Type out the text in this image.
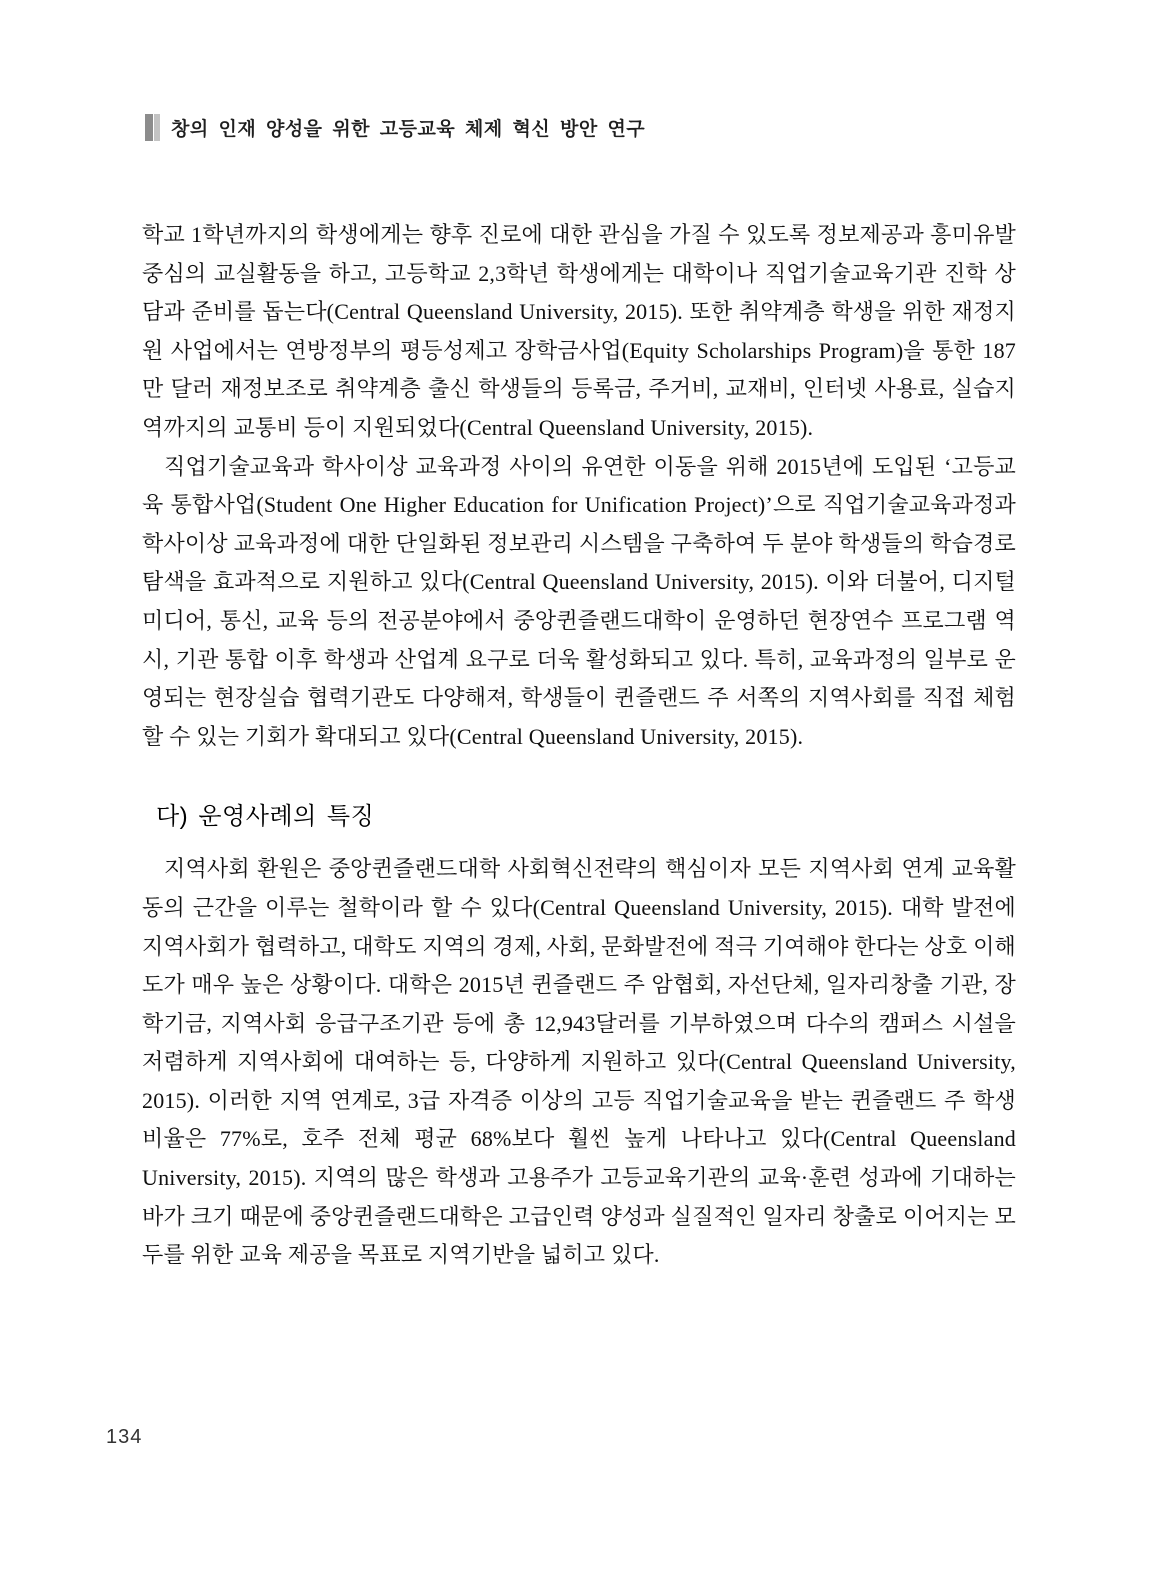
창의 인재 양성을 위한 고등교육 체제 혁신 방안 연구

학교 1학년까지의 학생에게는 향후 진로에 대한 관심을 가질 수 있도록 정보제공과 흥미유발 중심의 교실활동을 하고, 고등학교 2,3학년 학생에게는 대학이나 직업기술교육기관 진학 상담과 준비를 돕는다(Central Queensland University, 2015). 또한 취약계층 학생을 위한 재정지원 사업에서는 연방정부의 평등성제고 장학금사업(Equity Scholarships Program)을 통한 187만 달러 재정보조로 취약계층 출신 학생들의 등록금, 주거비, 교재비, 인터넷 사용료, 실습지역까지의 교통비 등이 지원되었다(Central Queensland University, 2015).

직업기술교육과 학사이상 교육과정 사이의 유연한 이동을 위해 2015년에 도입된 ‘고등교육 통합사업(Student One Higher Education for Unification Project)’으로 직업기술교육과정과 학사이상 교육과정에 대한 단일화된 정보관리 시스템을 구축하여 두 분야 학생들의 학습경로 탐색을 효과적으로 지원하고 있다(Central Queensland University, 2015). 이와 더불어, 디지털 미디어, 통신, 교육 등의 전공분야에서 중앙퀸즐랜드대학이 운영하던 현장연수 프로그램 역시, 기관 통합 이후 학생과 산업계 요구로 더욱 활성화되고 있다. 특히, 교육과정의 일부로 운영되는 현장실습 협력기관도 다양해져, 학생들이 퀸즐랜드 주 서쪽의 지역사회를 직접 체험할 수 있는 기회가 확대되고 있다(Central Queensland University, 2015).

다) 운영사례의 특징

지역사회 환원은 중앙퀸즐랜드대학 사회혁신전략의 핵심이자 모든 지역사회 연계 교육활동의 근간을 이루는 철학이라 할 수 있다(Central Queensland University, 2015). 대학 발전에 지역사회가 협력하고, 대학도 지역의 경제, 사회, 문화발전에 적극 기여해야 한다는 상호 이해도가 매우 높은 상황이다. 대학은 2015년 퀸즐랜드 주 암협회, 자선단체, 일자리창출 기관, 장학기금, 지역사회 응급구조기관 등에 총 12,943달러를 기부하였으며 다수의 캠퍼스 시설을 저렴하게 지역사회에 대여하는 등, 다양하게 지원하고 있다(Central Queensland University, 2015). 이러한 지역 연계로, 3급 자격증 이상의 고등 직업기술교육을 받는 퀸즐랜드 주 학생 비율은 77%로, 호주 전체 평균 68%보다 훨씬 높게 나타나고 있다(Central Queensland University, 2015). 지역의 많은 학생과 고용주가 고등교육기관의 교육·훈련 성과에 기대하는 바가 크기 때문에 중앙퀸즐랜드대학은 고급인력 양성과 실질적인 일자리 창출로 이어지는 모두를 위한 교육 제공을 목표로 지역기반을 넓히고 있다.

134
